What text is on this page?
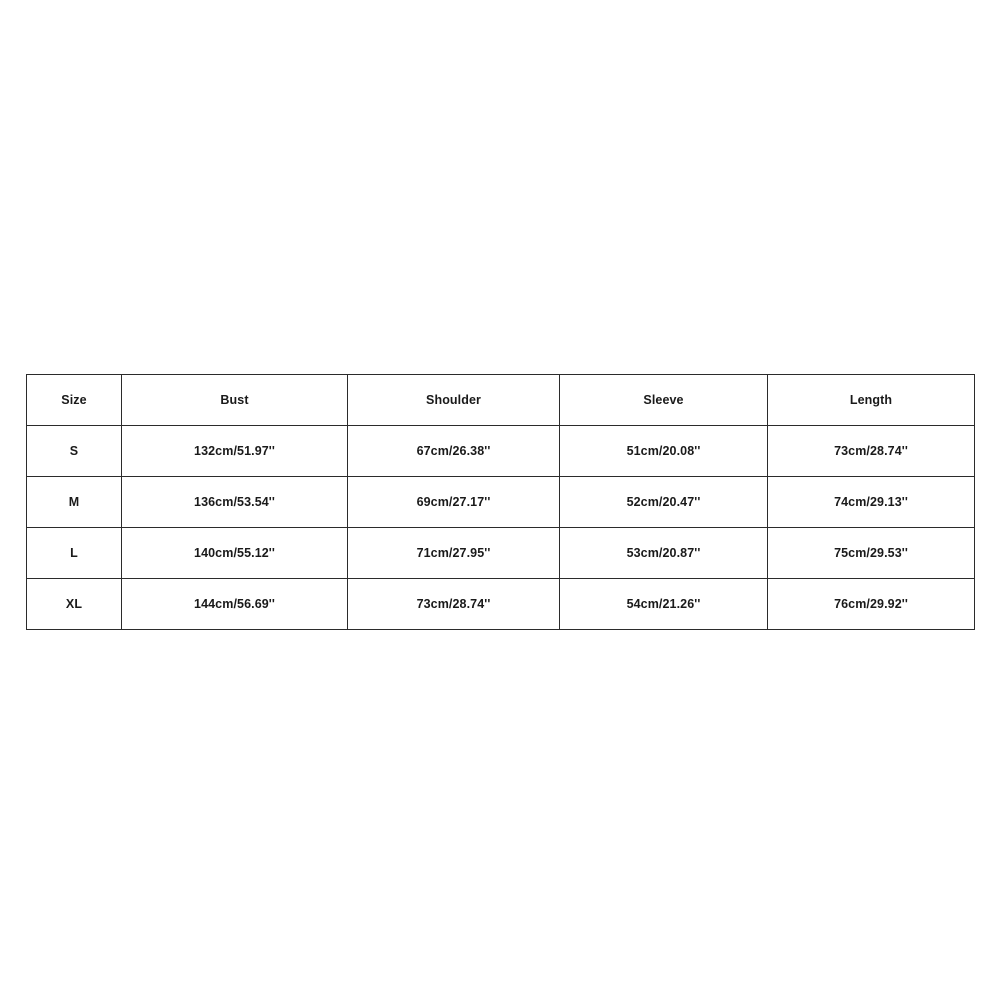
Size	Bust	Shoulder	Sleeve	Length
S	132cm/51.97''	67cm/26.38''	51cm/20.08''	73cm/28.74''
M	136cm/53.54''	69cm/27.17''	52cm/20.47''	74cm/29.13''
L	140cm/55.12''	71cm/27.95''	53cm/20.87''	75cm/29.53''
XL	144cm/56.69''	73cm/28.74''	54cm/21.26''	76cm/29.92''
